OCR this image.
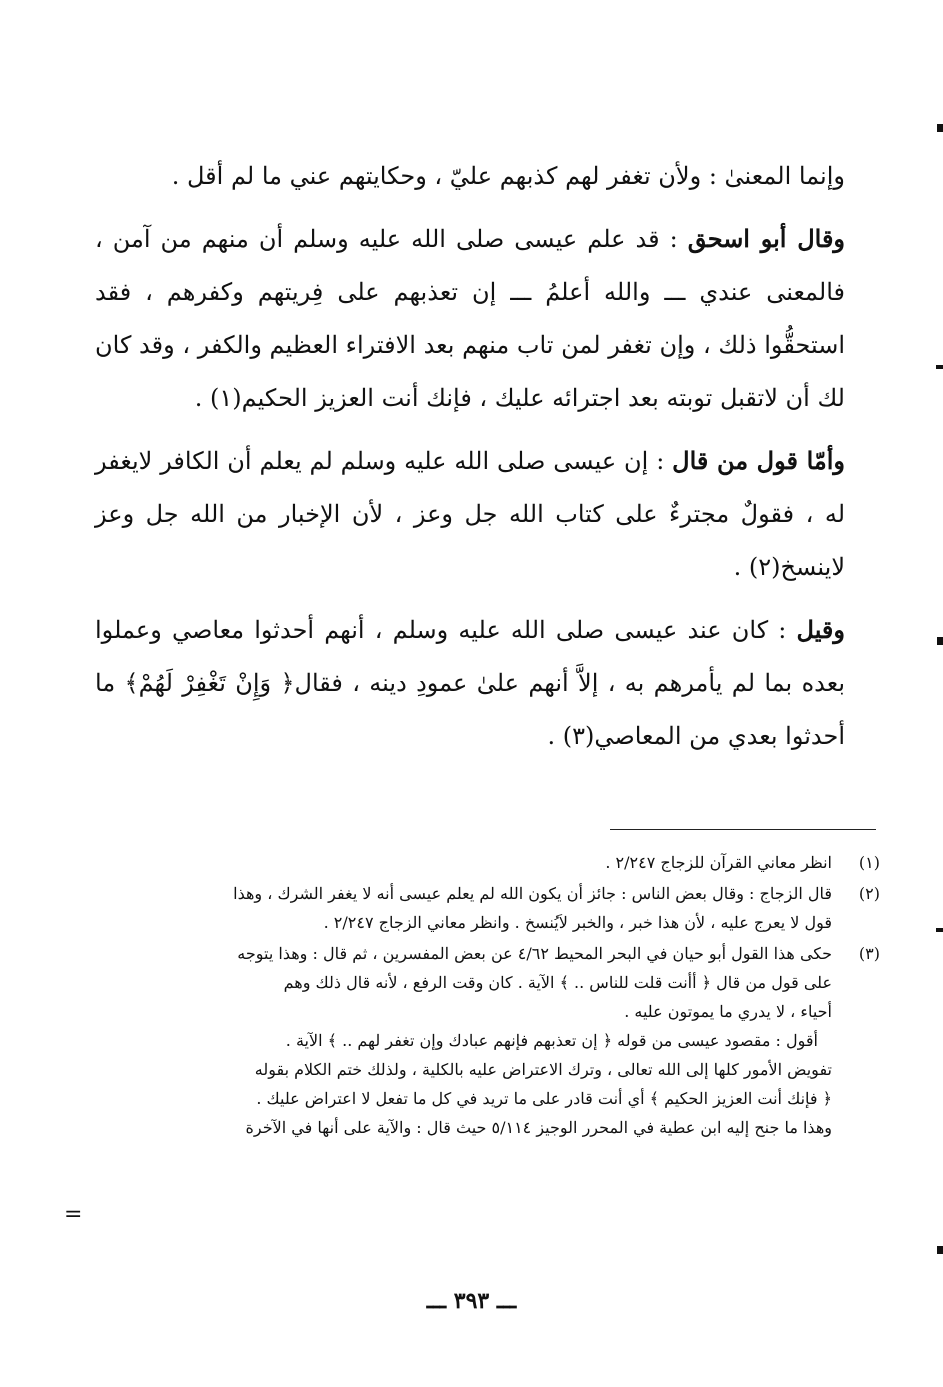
وإنما المعنىٰ : ولأن تغفر لهم كذبهم عليّ ، وحكايتهم عني ما لم أقل .

وقال أبو اسحق : قد علم عيسى صلى الله عليه وسلم أن منهم من آمن ، فالمعنى عندي ـــ والله أعلمُ ـــ إن تعذبهم على فِريتهم وكفرهم ، فقد استحقُّوا ذلك ، وإن تغفر لمن تاب منهم بعد الافتراء العظيم والكفر ، وقد كان لك أن لاتقبل توبته بعد اجترائه عليك ، فإنك أنت العزيز الحكيم(١) .

وأمّا قول من قال : إن عيسى صلى الله عليه وسلم لم يعلم أن الكافر لايغفر له ، فقولٌ مجترءٌ على كتاب الله جل وعز ، لأن الإخبار من الله جل وعز لاينسخ(٢) .

وقيل : كان عند عيسى صلى الله عليه وسلم ، أنهم أحدثوا معاصي وعملوا بعده بما لم يأمرهم به ، إلاَّ أنهم علىٰ عمودِ دينه ، فقال﴿ وَإِنْ تَغْفِرْ لَهُمْ﴾ ما أحدثوا بعدي من المعاصي(٣) .

(١)
انظر معاني القرآن للزجاج ٢/٢٤٧ .
(٢)
قال الزجاج : وقال بعض الناس : جائز أن يكون الله لم يعلم عيسى أنه لا يغفر الشرك ، وهذا
قول لا يعرج عليه ، لأن هذا خبر ، والخبر لاَيُنسخ . وانظر معاني الزجاج ٢/٢٤٧ .
(٣)
حكى هذا القول أبو حيان في البحر المحيط ٤/٦٢ عن بعض المفسرين ، ثم قال : وهذا يتوجه
على قول من قال ﴿ أأنت قلت للناس .. ﴾ الآية . كان وقت الرفع ، لأنه قال ذلك وهم
أحياء ، لا يدري ما يموتون عليه .
أقول : مقصود عيسى من قوله ﴿ إن تعذبهم فإنهم عبادك وإن تغفر لهم .. ﴾ الآية .
تفويض الأمور كلها إلى الله تعالى ، وترك الاعتراض عليه بالكلية ، ولذلك ختم الكلام بقوله
﴿ فإنك أنت العزيز الحكيم ﴾ أي أنت قادر على ما تريد في كل ما تفعل لا اعتراض عليك .
وهذا ما جنح إليه ابن عطية في المحرر الوجيز ٥/١١٤ حيث قال : والآية على أنها في الآخرة
=
ـــ ٣٩٣ ـــ
